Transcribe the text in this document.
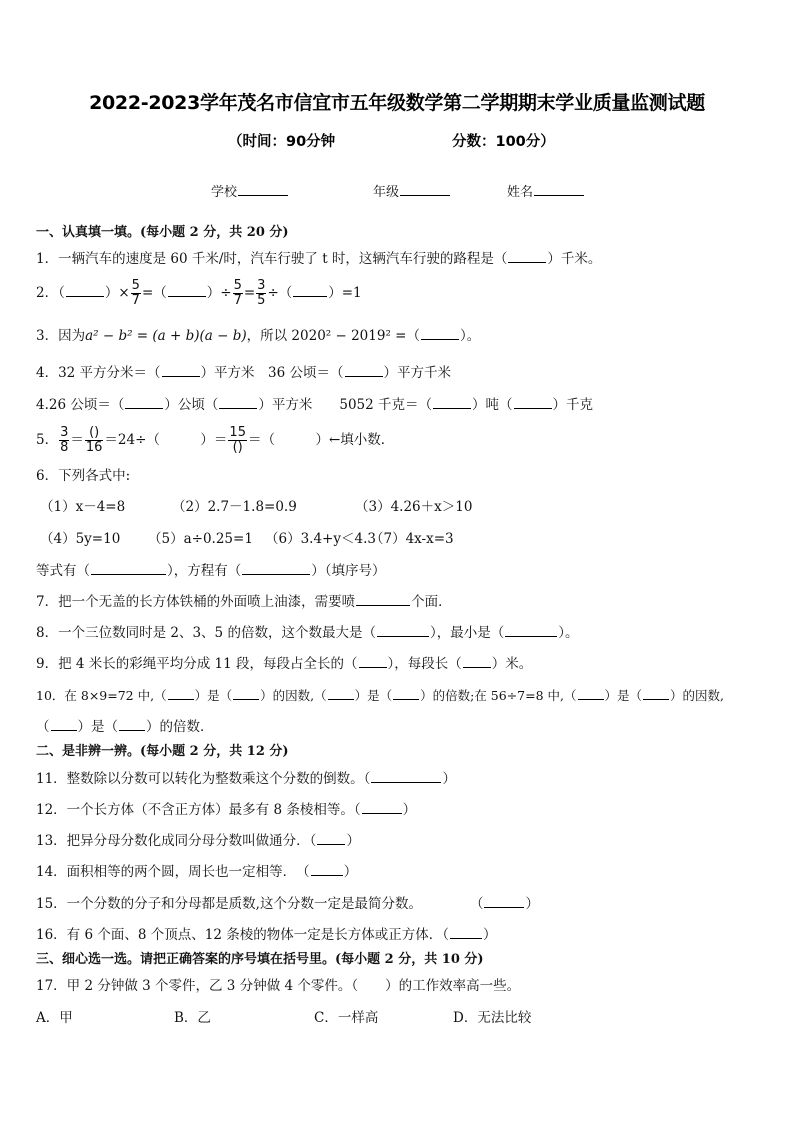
2022-2023学年茂名市信宜市五年级数学第二学期期末学业质量监测试题
（时间：90分钟	分数：100分）
学校	年级	姓名
一、认真填一填。(每小题 2 分，共 20 分)
1．一辆汽车的速度是 60 千米/时，汽车行驶了 t 时，这辆汽车行驶的路程是（	）千米。
2．（	）× $\frac{5}{7}$ =（	）÷ $\frac{5}{7} = \frac{3}{5}$ ÷（	）=1
3．因为a² − b² = (a + b)(a − b)，所以 2020² − 2019² =（	）。
4．32 平方分米＝（	）平方米　36 公顷＝（	）平方千米
4.26 公顷＝（	）公顷（	）平方米　　5052 千克＝（	）吨（	）千克
5． $\frac{3}{8} = \frac{()}{16} =24\div$（　　　）＝ $\frac{15}{()}$ ＝（　　　）←填小数．
6．下列各式中:
（1）x－4=8	（2）2.7－1.8=0.9	（3）4.26＋x＞10
（4）5y=10 （5）a÷0.25=1 （6）3.4+y＜4.3
（7）4x-x=3
等式有（	），方程有（	）（填序号）
7．把一个无盖的长方体铁桶的外面喷上油漆，需要喷	个面．
8．一个三位数同时是 2、3、5 的倍数，这个数最大是（	），最小是（	）。
9．把 4 米长的彩绳平均分成 11 段，每段占全长的（ ），每段长（ ）米。
10．在 8×9=72 中,（ ）是（ ）的因数,（ ）是（ ）的倍数;在 56÷7=8 中,（ ）是（ ）的因数,
（ ）是（ ）的倍数．
二、是非辨一辨。(每小题 2 分，共 12 分)
11．整数除以分数可以转化为整数乘这个分数的倒数。（	）
12．一个长方体（不含正方体）最多有 8 条棱相等。（	）
13．把异分母分数化成同分母分数叫做通分．（ ）
14．面积相等的两个圆，周长也一定相等．　（	）
15．一个分数的分子和分母都是质数,这个分数一定是最简分数。	（	）
16．有 6 个面、8 个顶点、12 条棱的物体一定是长方体或正方体．（	）
三、细心选一选。请把正确答案的序号填在括号里。(每小题 2 分，共 10 分)
17．甲 2 分钟做 3 个零件，乙 3 分钟做 4 个零件。（　　）的工作效率高一些。
A．甲	B．乙	C．一样高	D．无法比较
